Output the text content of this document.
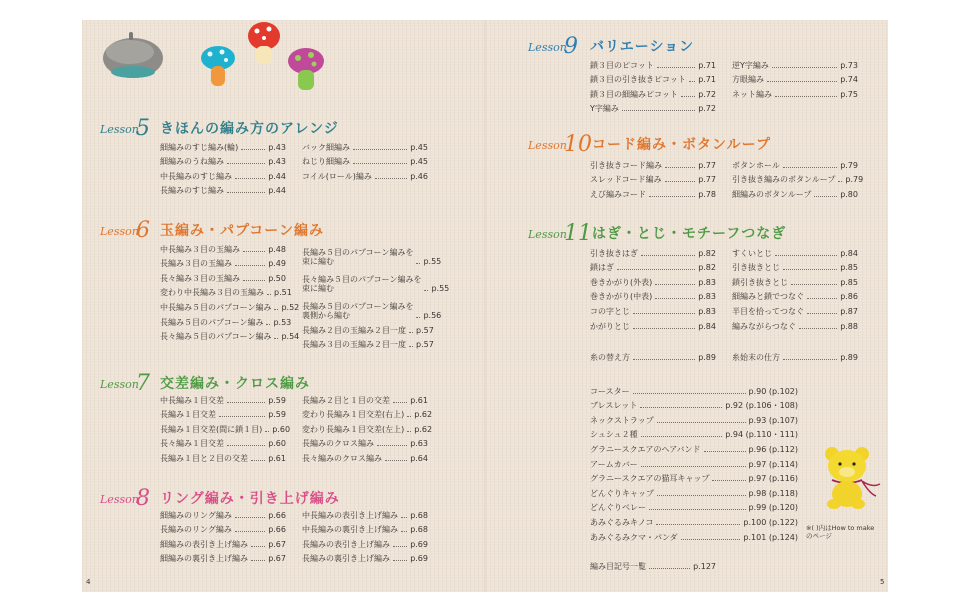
Lesson
5 きほんの編み方のアレンジ
細編みのすじ編み(輪)	p.43
細編みのうね編み	p.43
中長編みのすじ編み	p.44
長編みのすじ編み	p.44
バック細編み	p.45
ねじり細編み	p.45
コイル(ロール)編み	p.46
Lesson
6 玉編み・パプコーン編み
中長編み３目の玉編み	p.48
長編み３目の玉編み	p.49
長々編み３目の玉編み	p.50
変わり中長編み３目の玉編み p.51
中長編み５目のパプコーン編み p.52
長編み５目のパプコーン編み p.53
長々編み５目のパプコーン編み p.54
長編み５目のパプコーン編みを
束に編む	p.55
長々編み５目のパプコーン編みを
束に編む	p.55
長編み５目のパプコーン編みを
裏側から編む	p.56
長編み２目の玉編み２目一度 p.57
長編み３目の玉編み２目一度 p.57
Lesson
7 交差編み・クロス編み
中長編み１目交差	p.59
長編み１目交差	p.59
長編み１目交差(間に鎖１目) p.60
長々編み１目交差	p.60
長編み１目と２目の交差	p.61
長編み２目と１目の交差	p.61
変わり長編み１目交差(右上) p.62
変わり長編み１目交差(左上) p.62
長編みのクロス編み	p.63
長々編みのクロス編み	p.64
Lesson
8 リング編み・引き上げ編み
細編みのリング編み	p.66
長編みのリング編み	p.66
細編みの表引き上げ編み	p.67
細編みの裏引き上げ編み	p.67
中長編みの表引き上げ編み p.68
中長編みの裏引き上げ編み p.68
長編みの表引き上げ編み	p.69
長編みの裏引き上げ編み	p.69
Lesson
9 バリエーション
鎖３目のピコット	p.71
鎖３目の引き抜きピコット p.71
鎖３目の細編みピコット	p.72
Y字編み	p.72
逆Y字編み	p.73
方眼編み	p.74
ネット編み	p.75
Lesson
10 コード編み・ボタンループ
引き抜きコード編み	p.77
スレッドコード編み	p.77
えび編みコード	p.78
ボタンホール	p.79
引き抜き編みのボタンループ p.79
細編みのボタンループ	p.80
Lesson
11 はぎ・とじ・モチーフつなぎ
引き抜きはぎ	p.82
鎖はぎ	p.82
巻きかがり(外表)	p.83
巻きかがり(中表)	p.83
コの字とじ	p.83
かがりとじ	p.84
すくいとじ	p.84
引き抜きとじ	p.85
鎖引き抜きとじ	p.85
細編みと鎖でつなぐ	p.86
半目を拾ってつなぐ	p.87
編みながらつなぐ	p.88
糸の替え方	p.89 糸始末の仕方	p.89
コースター	p.90 (p.102)
ブレスレット	p.92 (p.106・108)
ネックストラップ	p.93 (p.107)
シュシュ２種	p.94 (p.110・111)
グラニースクエアのヘアバンド	p.96 (p.112)
アームカバー	p.97 (p.114)
グラニースクエアの猫耳キャップ	p.97 (p.116)
どんぐりキャップ	p.98 (p.118)
どんぐりベレー	p.99 (p.120)
あみぐるみキノコ	p.100 (p.122)
あみぐるみクマ・パンダ	p.101 (p.124)
※( )内はHow to makeのページ
編み目記号一覧	p.127
4	5
